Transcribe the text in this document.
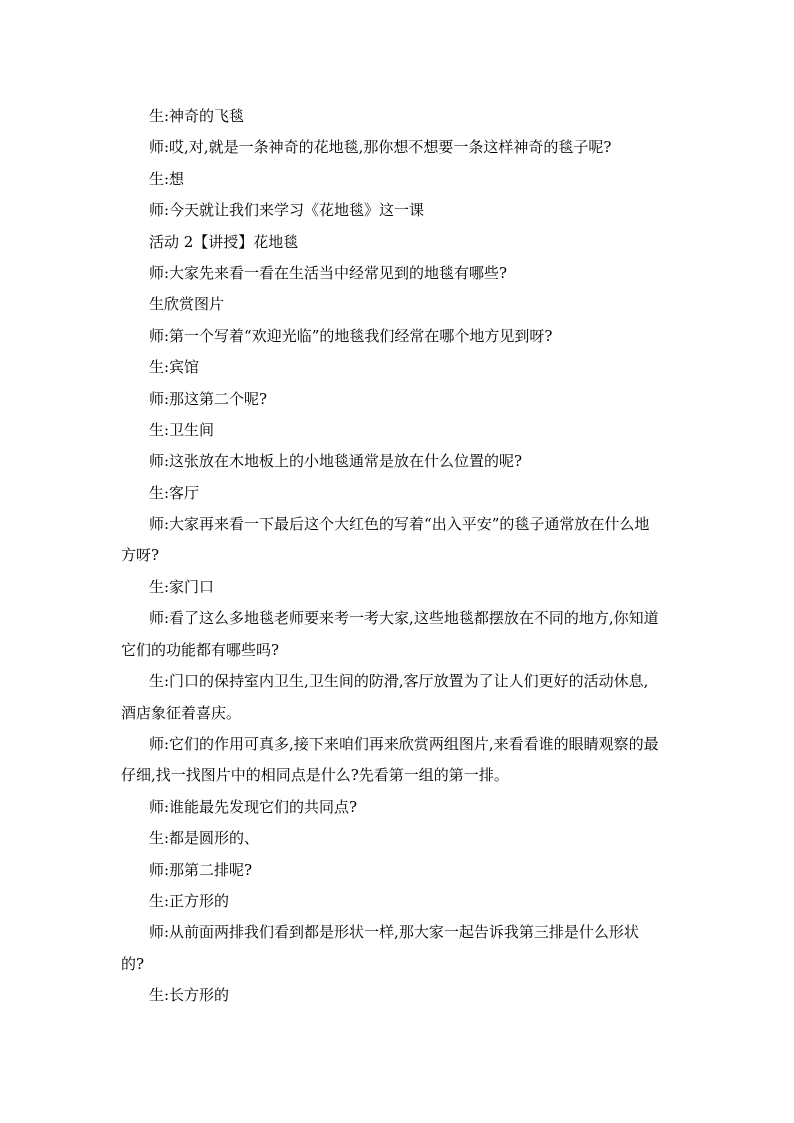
生:神奇的飞毯
师:哎,对,就是一条神奇的花地毯,那你想不想要一条这样神奇的毯子呢?
生:想
师:今天就让我们来学习《花地毯》这一课
活动 2【讲授】花地毯
师:大家先来看一看在生活当中经常见到的地毯有哪些?
生欣赏图片
师:第一个写着“欢迎光临”的地毯我们经常在哪个地方见到呀?
生:宾馆
师:那这第二个呢?
生:卫生间
师:这张放在木地板上的小地毯通常是放在什么位置的呢?
生:客厅
师:大家再来看一下最后这个大红色的写着“出入平安”的毯子通常放在什么地方呀?
生:家门口
师:看了这么多地毯老师要来考一考大家,这些地毯都摆放在不同的地方,你知道它们的功能都有哪些吗?
生:门口的保持室内卫生,卫生间的防滑,客厅放置为了让人们更好的活动休息,酒店象征着喜庆。
师:它们的作用可真多,接下来咱们再来欣赏两组图片,来看看谁的眼睛观察的最仔细,找一找图片中的相同点是什么?先看第一组的第一排。
师:谁能最先发现它们的共同点?
生:都是圆形的、
师:那第二排呢?
生:正方形的
师:从前面两排我们看到都是形状一样,那大家一起告诉我第三排是什么形状的?
生:长方形的
